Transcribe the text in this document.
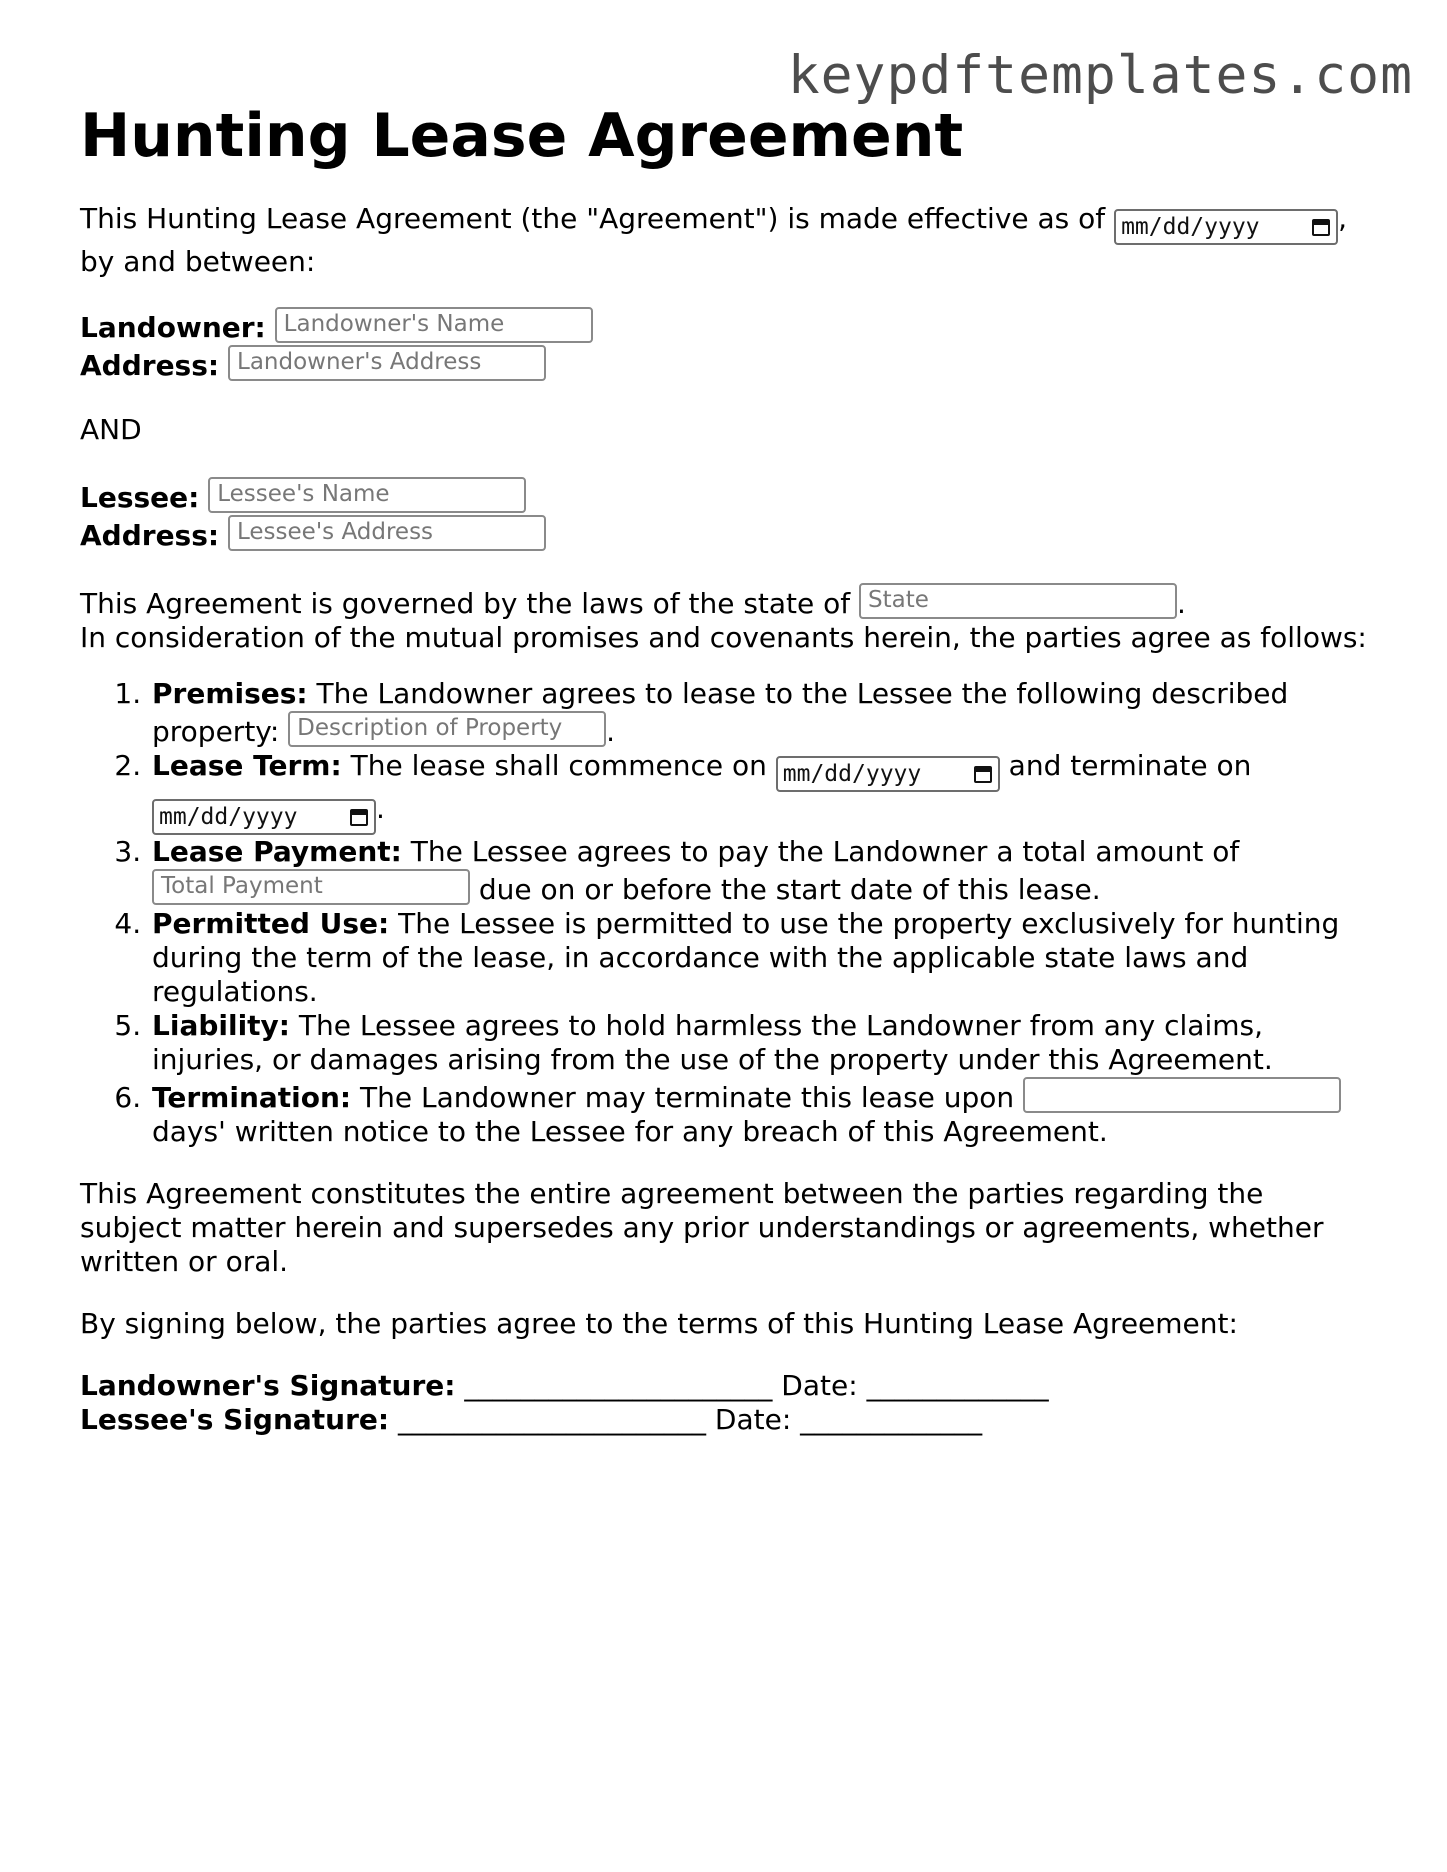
keypdftemplates.com
Hunting Lease Agreement

This Hunting Lease Agreement (the "Agreement") is made effective as of mm/dd/yyyy	,
by and between:

Landowner: Landowner's Name
Address: Landowner's Address

AND

Lessee: Lessee's Name
Address: Lessee's Address

This Agreement is governed by the laws of the state of State	.
In consideration of the mutual promises and covenants herein, the parties agree as follows:

1. Premises: The Landowner agrees to lease to the Lessee the following described property: Description of Property .
2. Lease Term: The lease shall commence on mm/dd/yyyy	and terminate on
mm/dd/yyyy	.
3. Lease Payment: The Lessee agrees to pay the Landowner a total amount of Total Payment	due on or before the start date of this lease.
4. Permitted Use: The Lessee is permitted to use the property exclusively for hunting during the term of the lease, in accordance with the applicable state laws and regulations.
5. Liability: The Lessee agrees to hold harmless the Landowner from any claims, injuries, or damages arising from the use of the property under this Agreement.
6. Termination: The Landowner may terminate this lease upon  days' written notice to the Lessee for any breach of this Agreement.

This Agreement constitutes the entire agreement between the parties regarding the subject matter herein and supersedes any prior understandings or agreements, whether written or oral.

By signing below, the parties agree to the terms of this Hunting Lease Agreement:

Landowner's Signature: ______________________ Date: _____________
Lessee's Signature: ______________________ Date: _____________
